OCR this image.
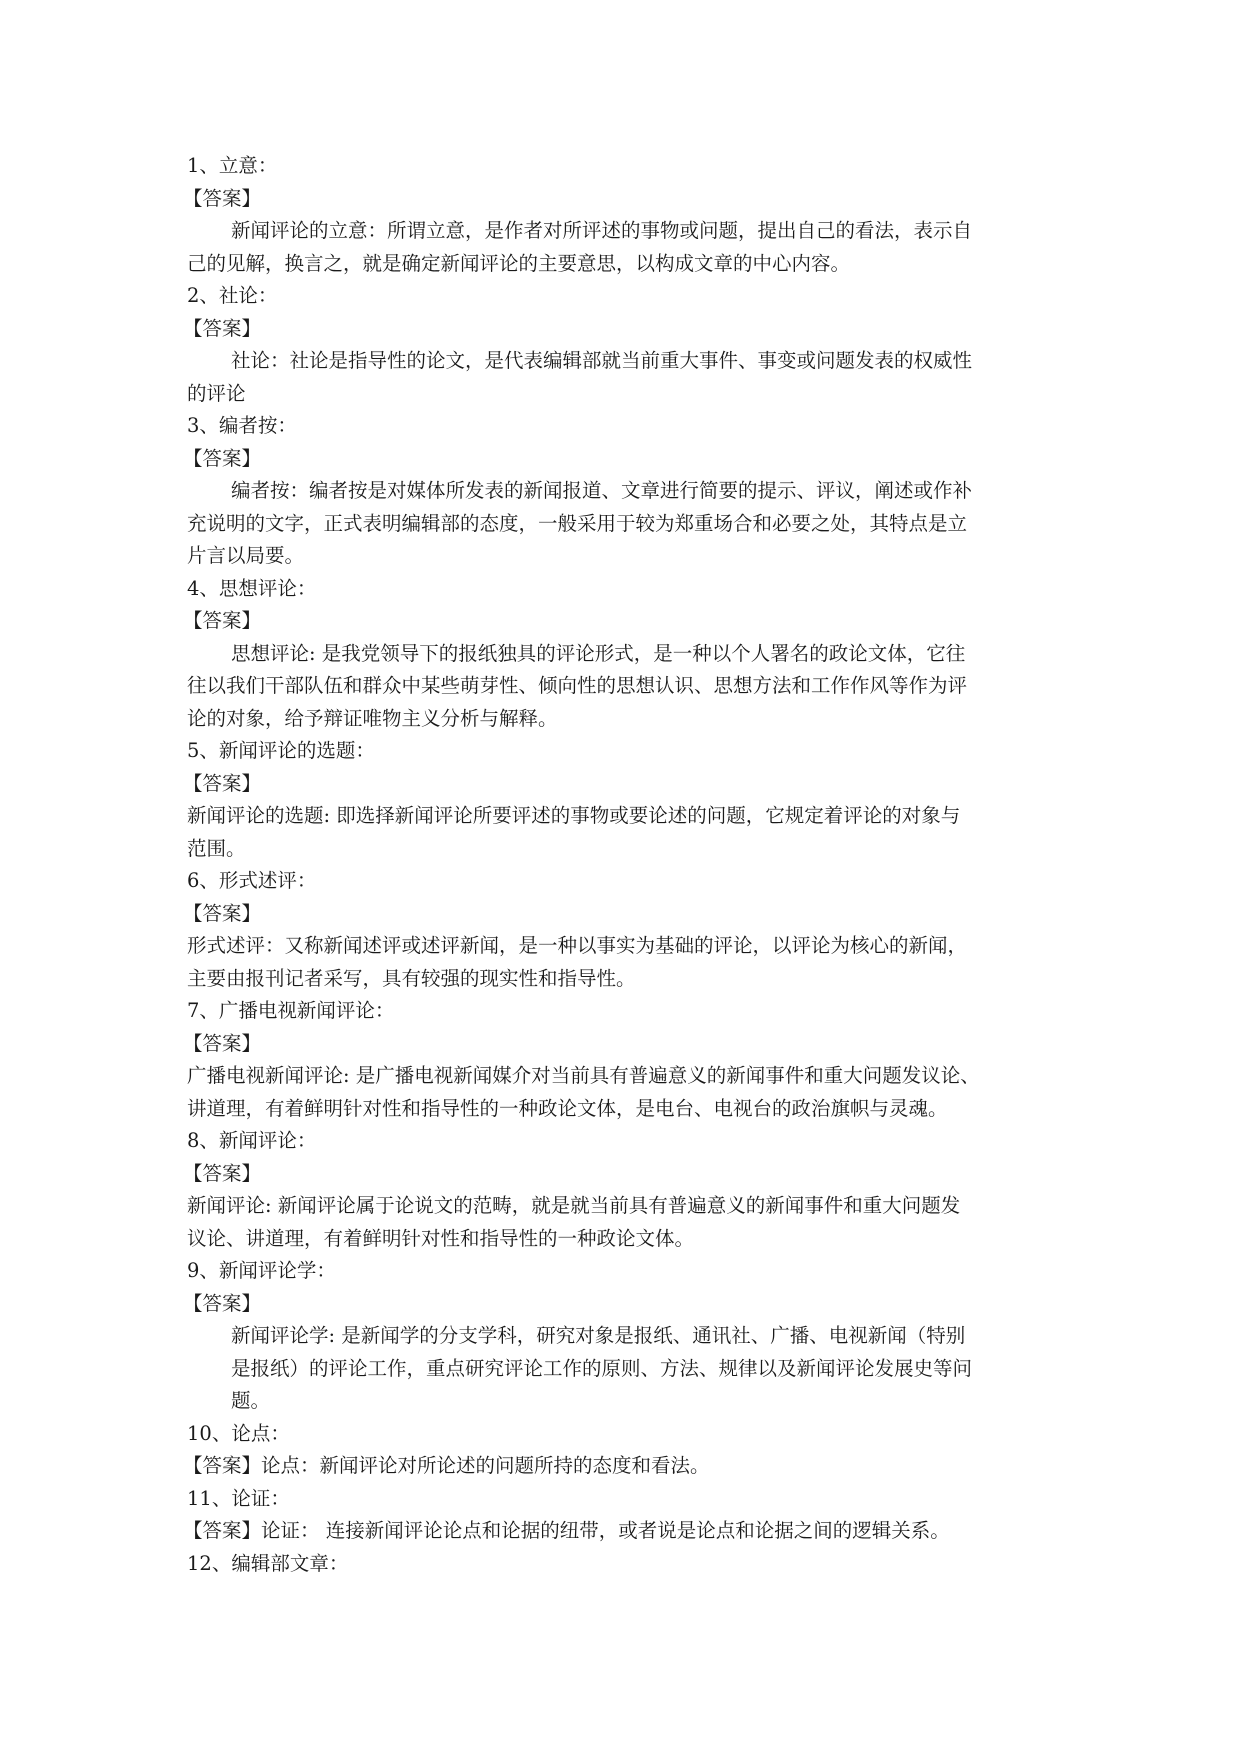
1、立意：
【答案】
新闻评论的立意：所谓立意，是作者对所评述的事物或问题，提出自己的看法，表示自
己的见解，换言之，就是确定新闻评论的主要意思，以构成文章的中心内容。
2、社论：
【答案】
社论：社论是指导性的论文，是代表编辑部就当前重大事件、事变或问题发表的权威性
的评论
3、编者按：
【答案】
编者按：编者按是对媒体所发表的新闻报道、文章进行简要的提示、评议，阐述或作补
充说明的文字，正式表明编辑部的态度，一般采用于较为郑重场合和必要之处，其特点是立
片言以局要。
4、思想评论：
【答案】
思想评论: 是我党领导下的报纸独具的评论形式，是一种以个人署名的政论文体，它往
往以我们干部队伍和群众中某些萌芽性、倾向性的思想认识、思想方法和工作作风等作为评
论的对象，给予辩证唯物主义分析与解释。
5、新闻评论的选题：
【答案】
新闻评论的选题: 即选择新闻评论所要评述的事物或要论述的问题，它规定着评论的对象与
范围。
6、形式述评：
【答案】
形式述评：又称新闻述评或述评新闻，是一种以事实为基础的评论，以评论为核心的新闻，
主要由报刊记者采写，具有较强的现实性和指导性。
7、广播电视新闻评论：
【答案】
广播电视新闻评论: 是广播电视新闻媒介对当前具有普遍意义的新闻事件和重大问题发议论、
讲道理，有着鲜明针对性和指导性的一种政论文体，是电台、电视台的政治旗帜与灵魂。
8、新闻评论：
【答案】
新闻评论: 新闻评论属于论说文的范畴，就是就当前具有普遍意义的新闻事件和重大问题发
议论、讲道理，有着鲜明针对性和指导性的一种政论文体。
9、新闻评论学：
【答案】
新闻评论学: 是新闻学的分支学科，研究对象是报纸、通讯社、广播、电视新闻（特别
是报纸）的评论工作，重点研究评论工作的原则、方法、规律以及新闻评论发展史等问
题。
10、论点：
【答案】论点：新闻评论对所论述的问题所持的态度和看法。
11、论证：
【答案】论证： 连接新闻评论论点和论据的纽带，或者说是论点和论据之间的逻辑关系。
12、编辑部文章：
